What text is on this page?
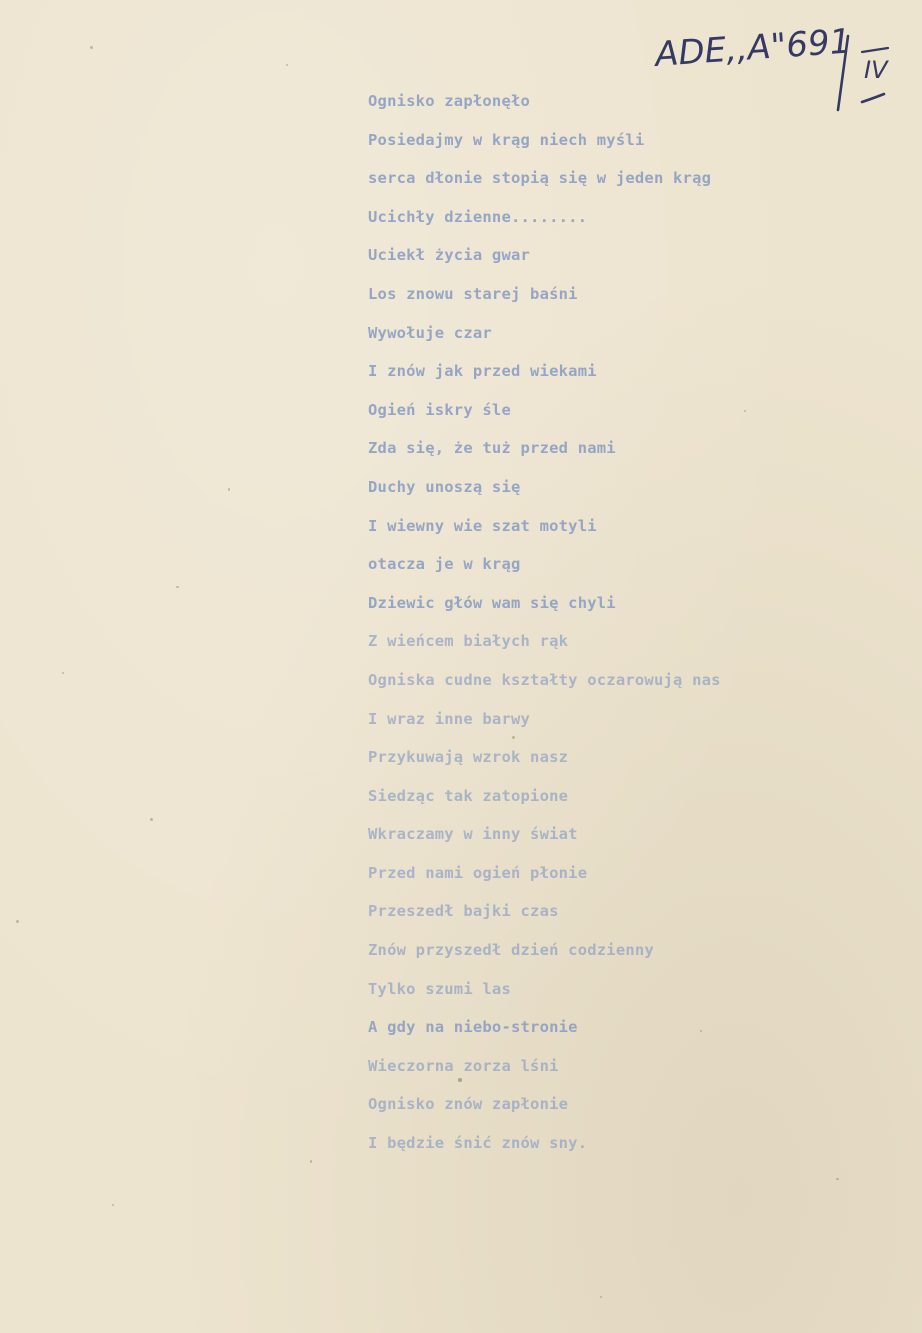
ADE,,A"691 IV
Ognisko zapłonęło
Posiedajmy w krąg niech myśli
serca dłonie stopią się w jeden krąg
Ucichły dzienne........
Uciekł życia gwar
Los znowu starej baśni
Wywołuje czar
I znów jak przed wiekami
Ogień iskry śle
Zda się, że tuż przed nami
Duchy unoszą się
I wiewny wie szat motyli
otacza je w krąg
Dziewic głów wam się chyli
Z wieńcem białych rąk
Ogniska cudne kształty oczarowują nas
I wraz inne barwy
Przykuwają wzrok nasz
Siedząc tak zatopione
Wkraczamy w inny świat
Przed nami ogień płonie
Przeszedł bajki czas
Znów przyszedł dzień codzienny
Tylko szumi las
A gdy na niebo-stronie
Wieczorna zorza lśni
Ognisko znów zapłonie
I będzie śnić znów sny.
